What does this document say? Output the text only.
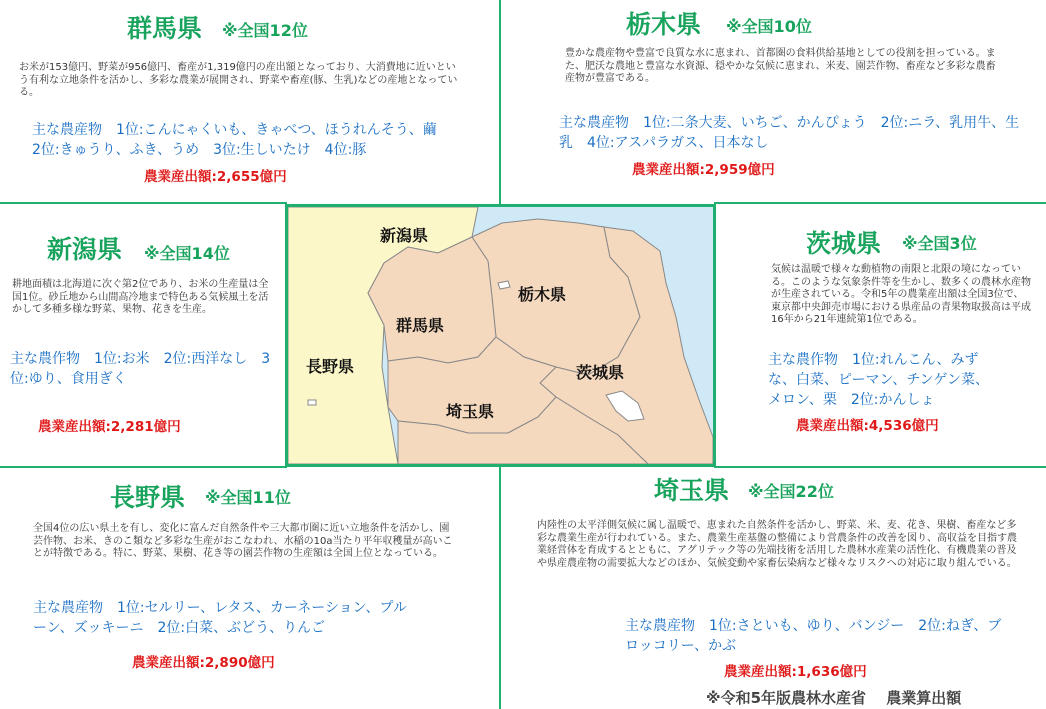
群馬県 ※全国12位
お米が153億円、野菜が956億円、畜産が1,319億円の産出額となっており、大消費地に近いという有利な立地条件を活かし、多彩な農業が展開され、野菜や畜産(豚、生乳)などの産地となっている。
主な農産物　1位:こんにゃくいも、きゃべつ、ほうれんそう、繭　2位:きゅうり、ふき、うめ　3位:生しいたけ　4位:豚
農業産出額:2,655億円
栃木県 ※全国10位
豊かな農産物や豊富で良質な水に恵まれ、首都圏の食料供給基地としての役割を担っている。また、肥沃な農地と豊富な水資源、穏やかな気候に恵まれ、米麦、園芸作物、畜産など多彩な農畜産物が豊富である。
主な農産物　1位:二条大麦、いちご、かんぴょう　2位:ニラ、乳用牛、生乳　4位:アスパラガス、日本なし
農業産出額:2,959億円
新潟県 ※全国14位
耕地面積は北海道に次ぐ第2位であり、お米の生産量は全国1位。砂丘地から山間高冷地まで特色ある気候風土を活かして多種多様な野菜、果物、花きを生産。
主な農作物　1位:お米　2位:西洋なし　3位:ゆり、食用ぎく
農業産出額:2,281億円
茨城県 ※全国3位
気候は温暖で様々な動植物の南限と北限の境になっている。このような気象条件等を生かし、数多くの農林水産物が生産されている。令和5年の農業産出額は全国3位で、東京都中央卸売市場における県産品の青果物取扱高は平成16年から21年連続第1位である。
主な農作物　1位:れんこん、みずな、白菜、ピーマン、チンゲン菜、メロン、栗　2位:かんしょ
農業産出額:4,536億円
長野県 ※全国11位
全国4位の広い県土を有し、変化に富んだ自然条件や三大都市圏に近い立地条件を活かし、園芸作物、お米、きのこ類など多彩な生産がおこなわれ、水稲の10a当たり平年収穫量が高いことが特徴である。特に、野菜、果樹、花き等の園芸作物の生産額は全国上位となっている。
主な農産物　1位:セルリー、レタス、カーネーション、プルーン、ズッキーニ　2位:白菜、ぶどう、りんご
農業産出額:2,890億円
埼玉県 ※全国22位
内陸性の太平洋側気候に属し温暖で、恵まれた自然条件を活かし、野菜、米、麦、花き、果樹、畜産など多彩な農業生産が行われている。また、農業生産基盤の整備により営農条件の改善を図り、高収益を目指す農業経営体を育成するとともに、アグリテック等の先端技術を活用した農林水産業の活性化、有機農業の普及や県産農産物の需要拡大などのほか、気候変動や家畜伝染病など様々なリスクへの対応に取り組んでいる。
主な農産物　1位:さといも、ゆり、バンジー　2位:ねぎ、ブロッコリー、かぶ
農業産出額:1,636億円
※令和5年版農林水産省　 農業算出額
新潟県
栃木県
群馬県
長野県	茨城県
埼玉県
